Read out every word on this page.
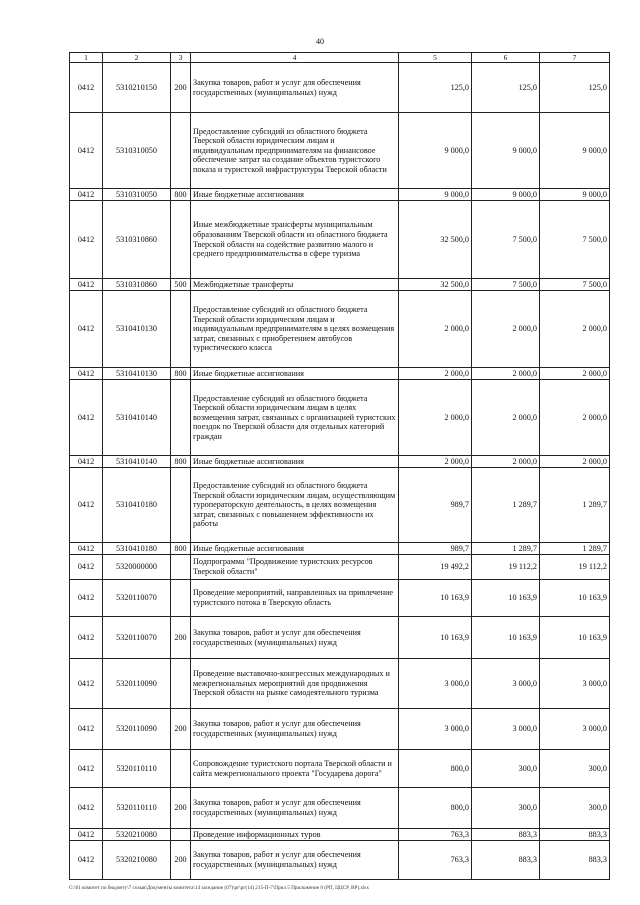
40
1	2	3	4	5	6	7
0412	5310210150	200	Закупка товаров, работ и услуг для обеспечения государственных (муниципальных) нужд	125,0	125,0	125,0
0412	5310310050		Предоставление субсидий из областного бюджета Тверской области юридическим лицам и индивидуальным предпринимателям на финансовое обеспечение затрат на создание объектов туристского показа и туристской инфраструктуры Тверской области	9 000,0	9 000,0	9 000,0
0412	5310310050	800	Иные бюджетные ассигнования	9 000,0	9 000,0	9 000,0
0412	5310310860		Иные межбюджетные трансферты муниципальным образованиям Тверской области из областного бюджета Тверской области на содействие развитию малого и среднего предпринимательства в сфере туризма	32 500,0	7 500,0	7 500,0
0412	5310310860	500	Межбюджетные трансферты	32 500,0	7 500,0	7 500,0
0412	5310410130		Предоставление субсидий из областного бюджета Тверской области юридическим лицам и индивидуальным предпринимателям в целях возмещения затрат, связанных с приобретением автобусов туристического класса	2 000,0	2 000,0	2 000,0
0412	5310410130	800	Иные бюджетные ассигнования	2 000,0	2 000,0	2 000,0
0412	5310410140		Предоставление субсидий из областного бюджета Тверской области юридическим лицам в целях возмещения затрат, связанных с организацией туристских поездок по Тверской области для отдельных категорий граждан	2 000,0	2 000,0	2 000,0
0412	5310410140	800	Иные бюджетные ассигнования	2 000,0	2 000,0	2 000,0
0412	5310410180		Предоставление субсидий из областного бюджета Тверской области юридическим лицам, осуществляющим туроператорскую деятельность, в целях возмещения затрат, связанных с повышением эффективности их работы	989,7	1 289,7	1 289,7
0412	5310410180	800	Иные бюджетные ассигнования	989,7	1 289,7	1 289,7
0412	5320000000		Подпрограмма "Продвижение туристских ресурсов Тверской области"	19 492,2	19 112,2	19 112,2
0412	5320110070		Проведение мероприятий, направленных на привлечение туристского потока в Тверскую область	10 163,9	10 163,9	10 163,9
0412	5320110070	200	Закупка товаров, работ и услуг для обеспечения государственных (муниципальных) нужд	10 163,9	10 163,9	10 163,9
0412	5320110090		Проведение выставочно-конгрессных международных и межрегиональных мероприятий для продвижения Тверской области на рынке самодеятельного туризма	3 000,0	3 000,0	3 000,0
0412	5320110090	200	Закупка товаров, работ и услуг для обеспечения государственных (муниципальных) нужд	3 000,0	3 000,0	3 000,0
0412	5320110110		Сопровождение туристского портала Тверской области и сайта межрегионального проекта "Государева дорога"	800,0	300,0	300,0
0412	5320110110	200	Закупка товаров, работ и услуг для обеспечения государственных (муниципальных) нужд	800,0	300,0	300,0
0412	5320210080		Проведение информационных туров	763,3	883,3	883,3
0412	5320210080	200	Закупка товаров, работ и услуг для обеспечения государственных (муниципальных) нужд	763,3	883,3	883,3
G:\01 комитет по бюджету\7 созыв\Документы комитета\14 заседание (07)\рг\рг(14) 215-П-7\Прил 5 Приложение 8 (РП, ЦЦСР, ВР).xlsx
